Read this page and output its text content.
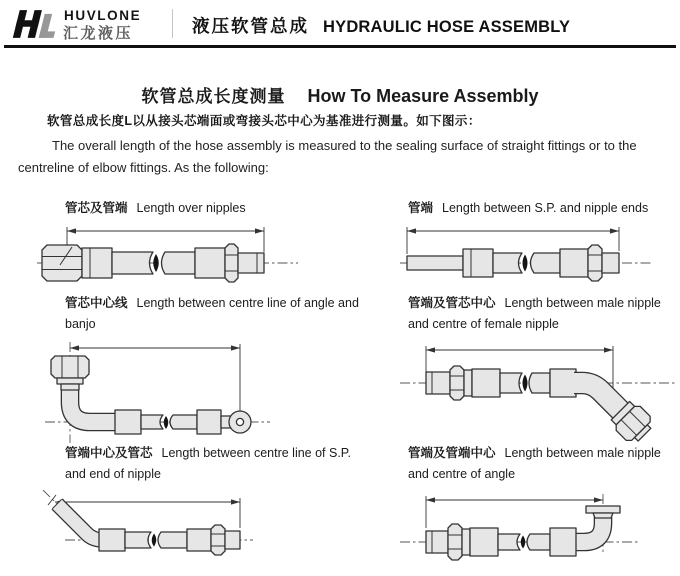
HUVLONE
汇龙液压	液压软管总成 HYDRAULIC HOSE ASSEMBLY
软管总成长度测量 How To Measure Assembly
软管总成长度L以从接头芯端面或弯接头芯中心为基准进行测量。如下图示：

The overall length of the hose assembly is measured to the sealing surface of straight fittings or to the centreline of elbow fittings. As the following:

管芯及管端 Length over nipples	管端 Length between S.P. and nipple ends

管芯中心线 Length between centre line of angle and banjo

管端及管芯中心 Length between male nipple and centre of female nipple

管端中心及管芯 Length between centre line of S.P. and end of nipple

管端及管端中心 Length between male nipple and centre of angle
